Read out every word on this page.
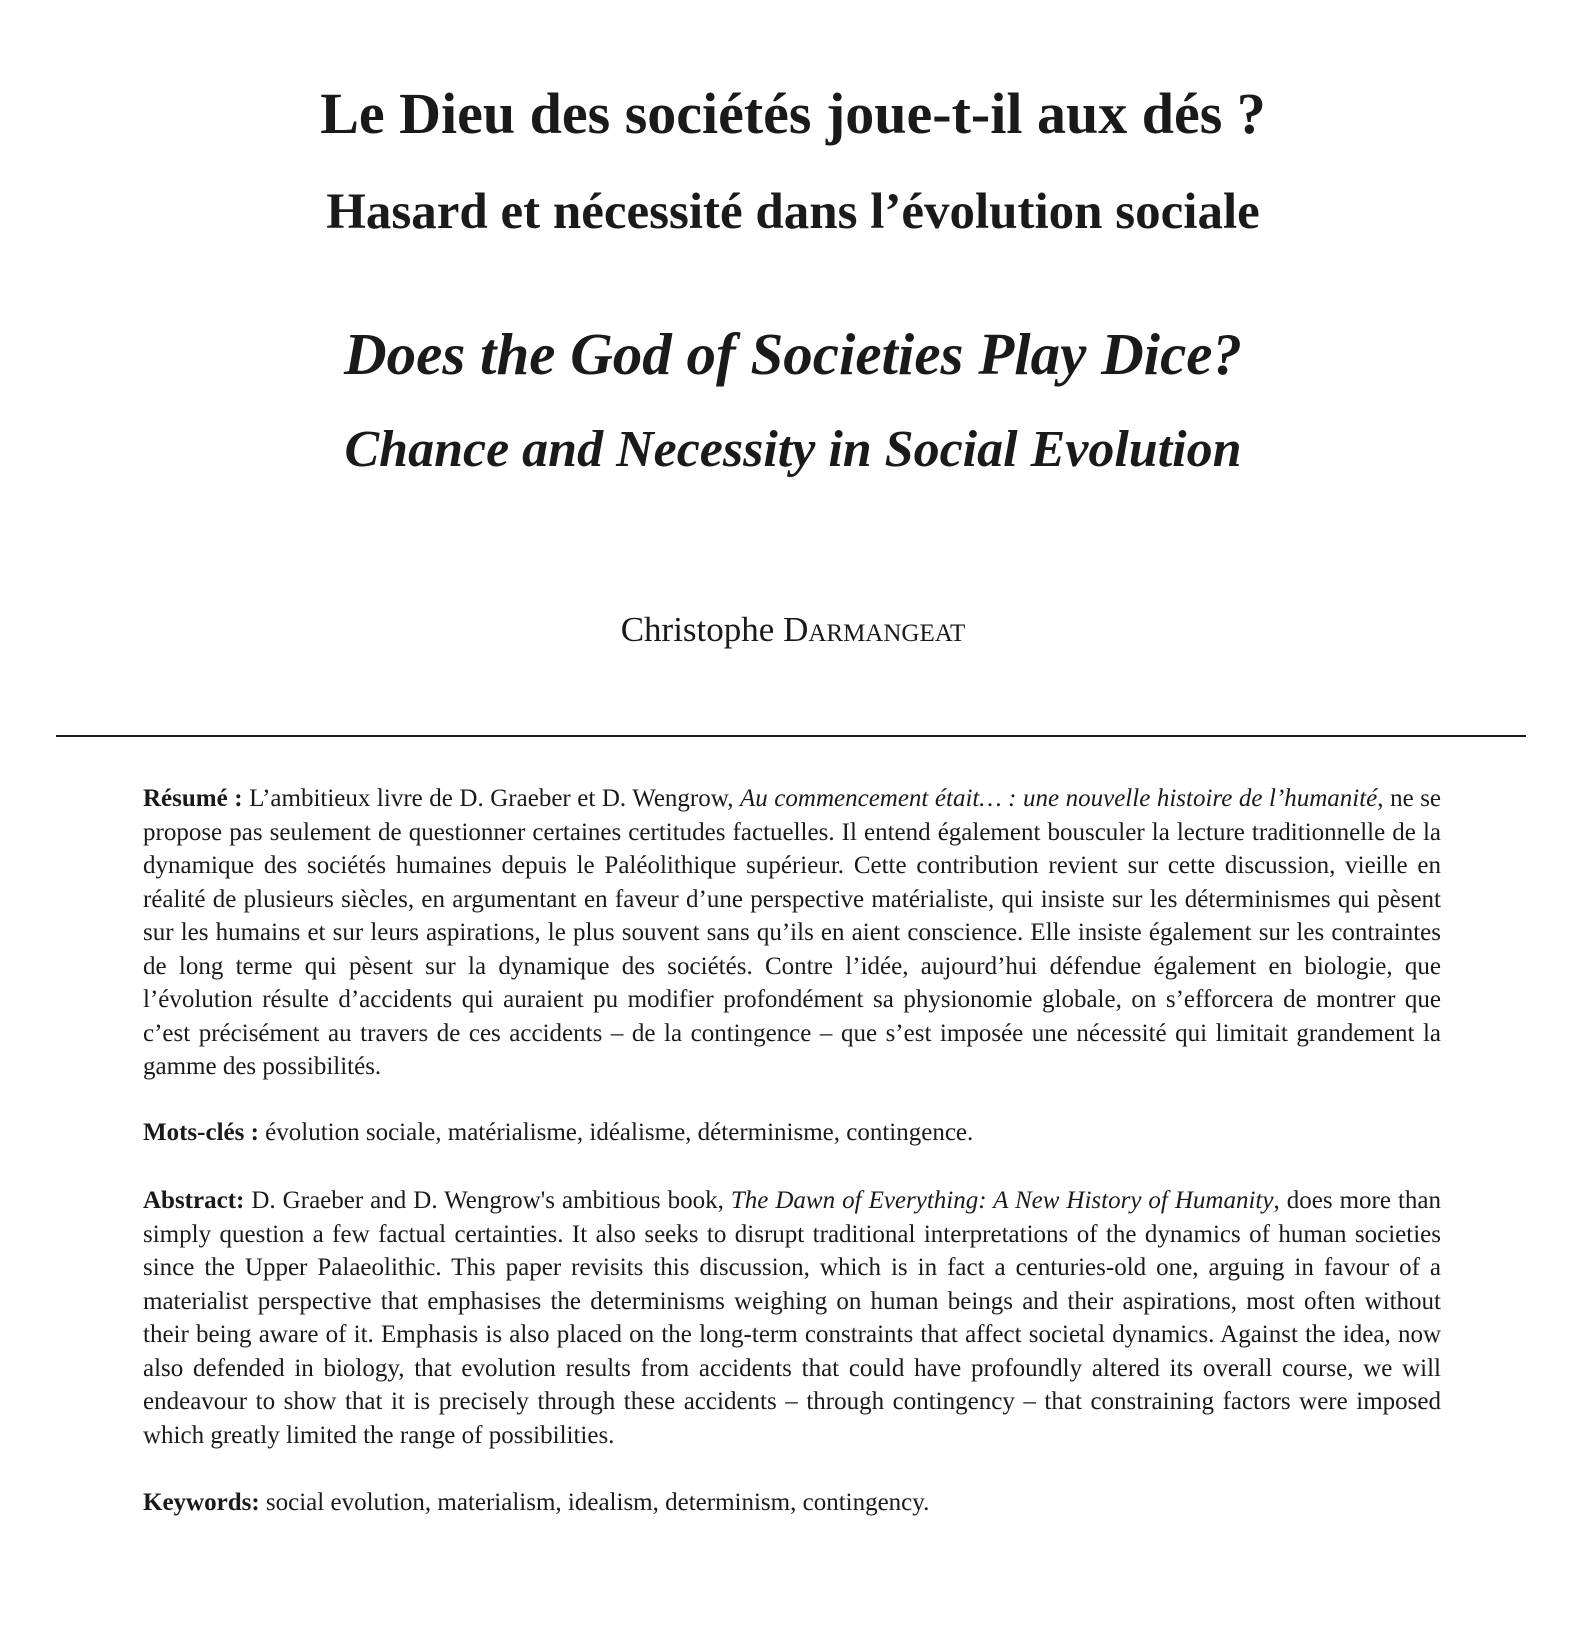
Le Dieu des sociétés joue-t-il aux dés ?
Hasard et nécessité dans l’évolution sociale
Does the God of Societies Play Dice?
Chance and Necessity in Social Evolution
Christophe Darmangeat

Résumé : L’ambitieux livre de D. Graeber et D. Wengrow, Au commencement était… : une nouvelle histoire de l’humanité, ne se propose pas seulement de questionner certaines certitudes factuelles. Il entend également bousculer la lecture traditionnelle de la dynamique des sociétés humaines depuis le Paléolithique supérieur. Cette contribution revient sur cette discussion, vieille en réalité de plusieurs siècles, en argumentant en faveur d’une perspective matérialiste, qui insiste sur les déterminismes qui pèsent sur les humains et sur leurs aspirations, le plus souvent sans qu’ils en aient conscience. Elle insiste également sur les contraintes de long terme qui pèsent sur la dynamique des sociétés. Contre l’idée, aujourd’hui défendue également en biologie, que l’évolution résulte d’accidents qui auraient pu modifier profondément sa physionomie globale, on s’efforcera de montrer que c’est précisément au travers de ces accidents – de la contingence – que s’est imposée une nécessité qui limitait grandement la gamme des possibilités.

Mots-clés : évolution sociale, matérialisme, idéalisme, déterminisme, contingence.

Abstract: D. Graeber and D. Wengrow's ambitious book, The Dawn of Everything: A New History of Humanity, does more than simply question a few factual certainties. It also seeks to disrupt traditional interpretations of the dynamics of human societies since the Upper Palaeolithic. This paper revisits this discussion, which is in fact a centuries-old one, arguing in favour of a materialist perspective that emphasises the determinisms weighing on human beings and their aspirations, most often without their being aware of it. Emphasis is also placed on the long-term constraints that affect societal dynamics. Against the idea, now also defended in biology, that evolution results from accidents that could have profoundly altered its overall course, we will endeavour to show that it is precisely through these accidents – through contingency – that constraining factors were imposed which greatly limited the range of possibilities.

Keywords: social evolution, materialism, idealism, determinism, contingency.
